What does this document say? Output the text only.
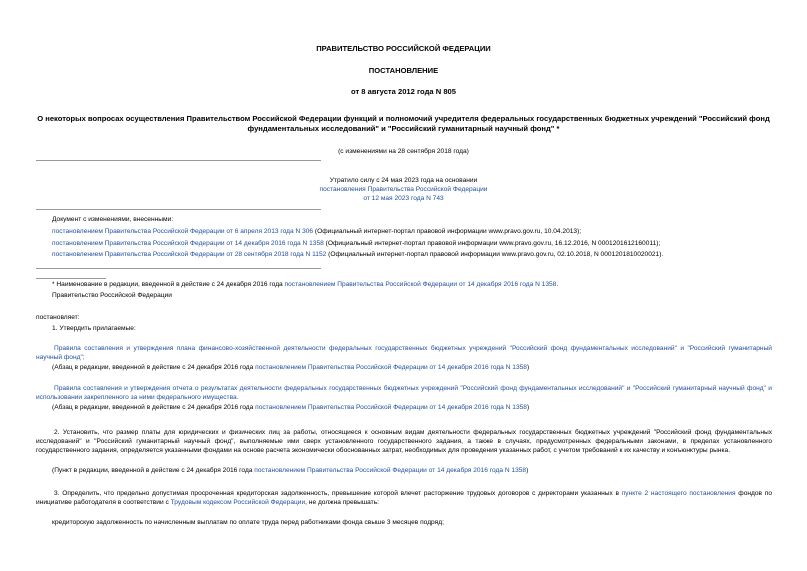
ПРАВИТЕЛЬСТВО РОССИЙСКОЙ ФЕДЕРАЦИИ
ПОСТАНОВЛЕНИЕ
от 8 августа 2012 года N 805
О некоторых вопросах осуществления Правительством Российской Федерации функций и полномочий учредителя федеральных государственных бюджетных учреждений "Российский фонд фундаментальных исследований" и "Российский гуманитарный научный фонд" *
(с изменениями на 28 сентября 2018 года)
Утратило силу с 24 мая 2023 года на основании
постановления Правительства Российской Федерации
от 12 мая 2023 года N 743
Документ с изменениями, внесенными:
постановлением Правительства Российской Федерации от 6 апреля 2013 года N 306 (Официальный интернет-портал правовой информации www.pravo.gov.ru, 10.04.2013);
постановлением Правительства Российской Федерации от 14 декабря 2016 года N 1358 (Официальный интернет-портал правовой информации www.pravo.gov.ru, 16.12.2016, N 0001201612160011);
постановлением Правительства Российской Федерации от 28 сентября 2018 года N 1152 (Официальный интернет-портал правовой информации www.pravo.gov.ru, 02.10.2018, N 0001201810020021).
* Наименование в редакции, введенной в действие с 24 декабря 2016 года постановлением Правительства Российской Федерации от 14 декабря 2016 года N 1358.
Правительство Российской Федерации
постановляет:
1. Утвердить прилагаемые:
Правила составления и утверждения плана финансово-хозяйственной деятельности федеральных государственных бюджетных учреждений "Российский фонд фундаментальных исследований" и "Российский гуманитарный научный фонд";
(Абзац в редакции, введенной в действие с 24 декабря 2016 года постановлением Правительства Российской Федерации от 14 декабря 2016 года N 1358)
Правила составления и утверждения отчета о результатах деятельности федеральных государственных бюджетных учреждений "Российский фонд фундаментальных исследований" и "Российский гуманитарный научный фонд" и использовании закрепленного за ними федерального имущества.
(Абзац в редакции, введенной в действие с 24 декабря 2016 года постановлением Правительства Российской Федерации от 14 декабря 2016 года N 1358)
2. Установить, что размер платы для юридических и физических лиц за работы, относящиеся к основным видам деятельности федеральных государственных бюджетных учреждений "Российский фонд фундаментальных исследований" и "Российский гуманитарный научный фонд", выполняемые ими сверх установленного государственного задания, а также в случаях, предусмотренных федеральными законами, в пределах установленного государственного задания, определяется указанными фондами на основе расчета экономически обоснованных затрат, необходимых для проведения указанных работ, с учетом требований к их качеству и конъюнктуры рынка.
(Пункт в редакции, введенной в действие с 24 декабря 2016 года постановлением Правительства Российской Федерации от 14 декабря 2016 года N 1358)
3. Определить, что предельно допустимая просроченная кредиторская задолженность, превышение которой влечет расторжение трудовых договоров с директорами указанных в пункте 2 настоящего постановления фондов по инициативе работодателя в соответствии с Трудовым кодексом Российской Федерации, не должна превышать:
кредиторскую задолженность по начисленным выплатам по оплате труда перед работниками фонда свыше 3 месяцев подряд;
